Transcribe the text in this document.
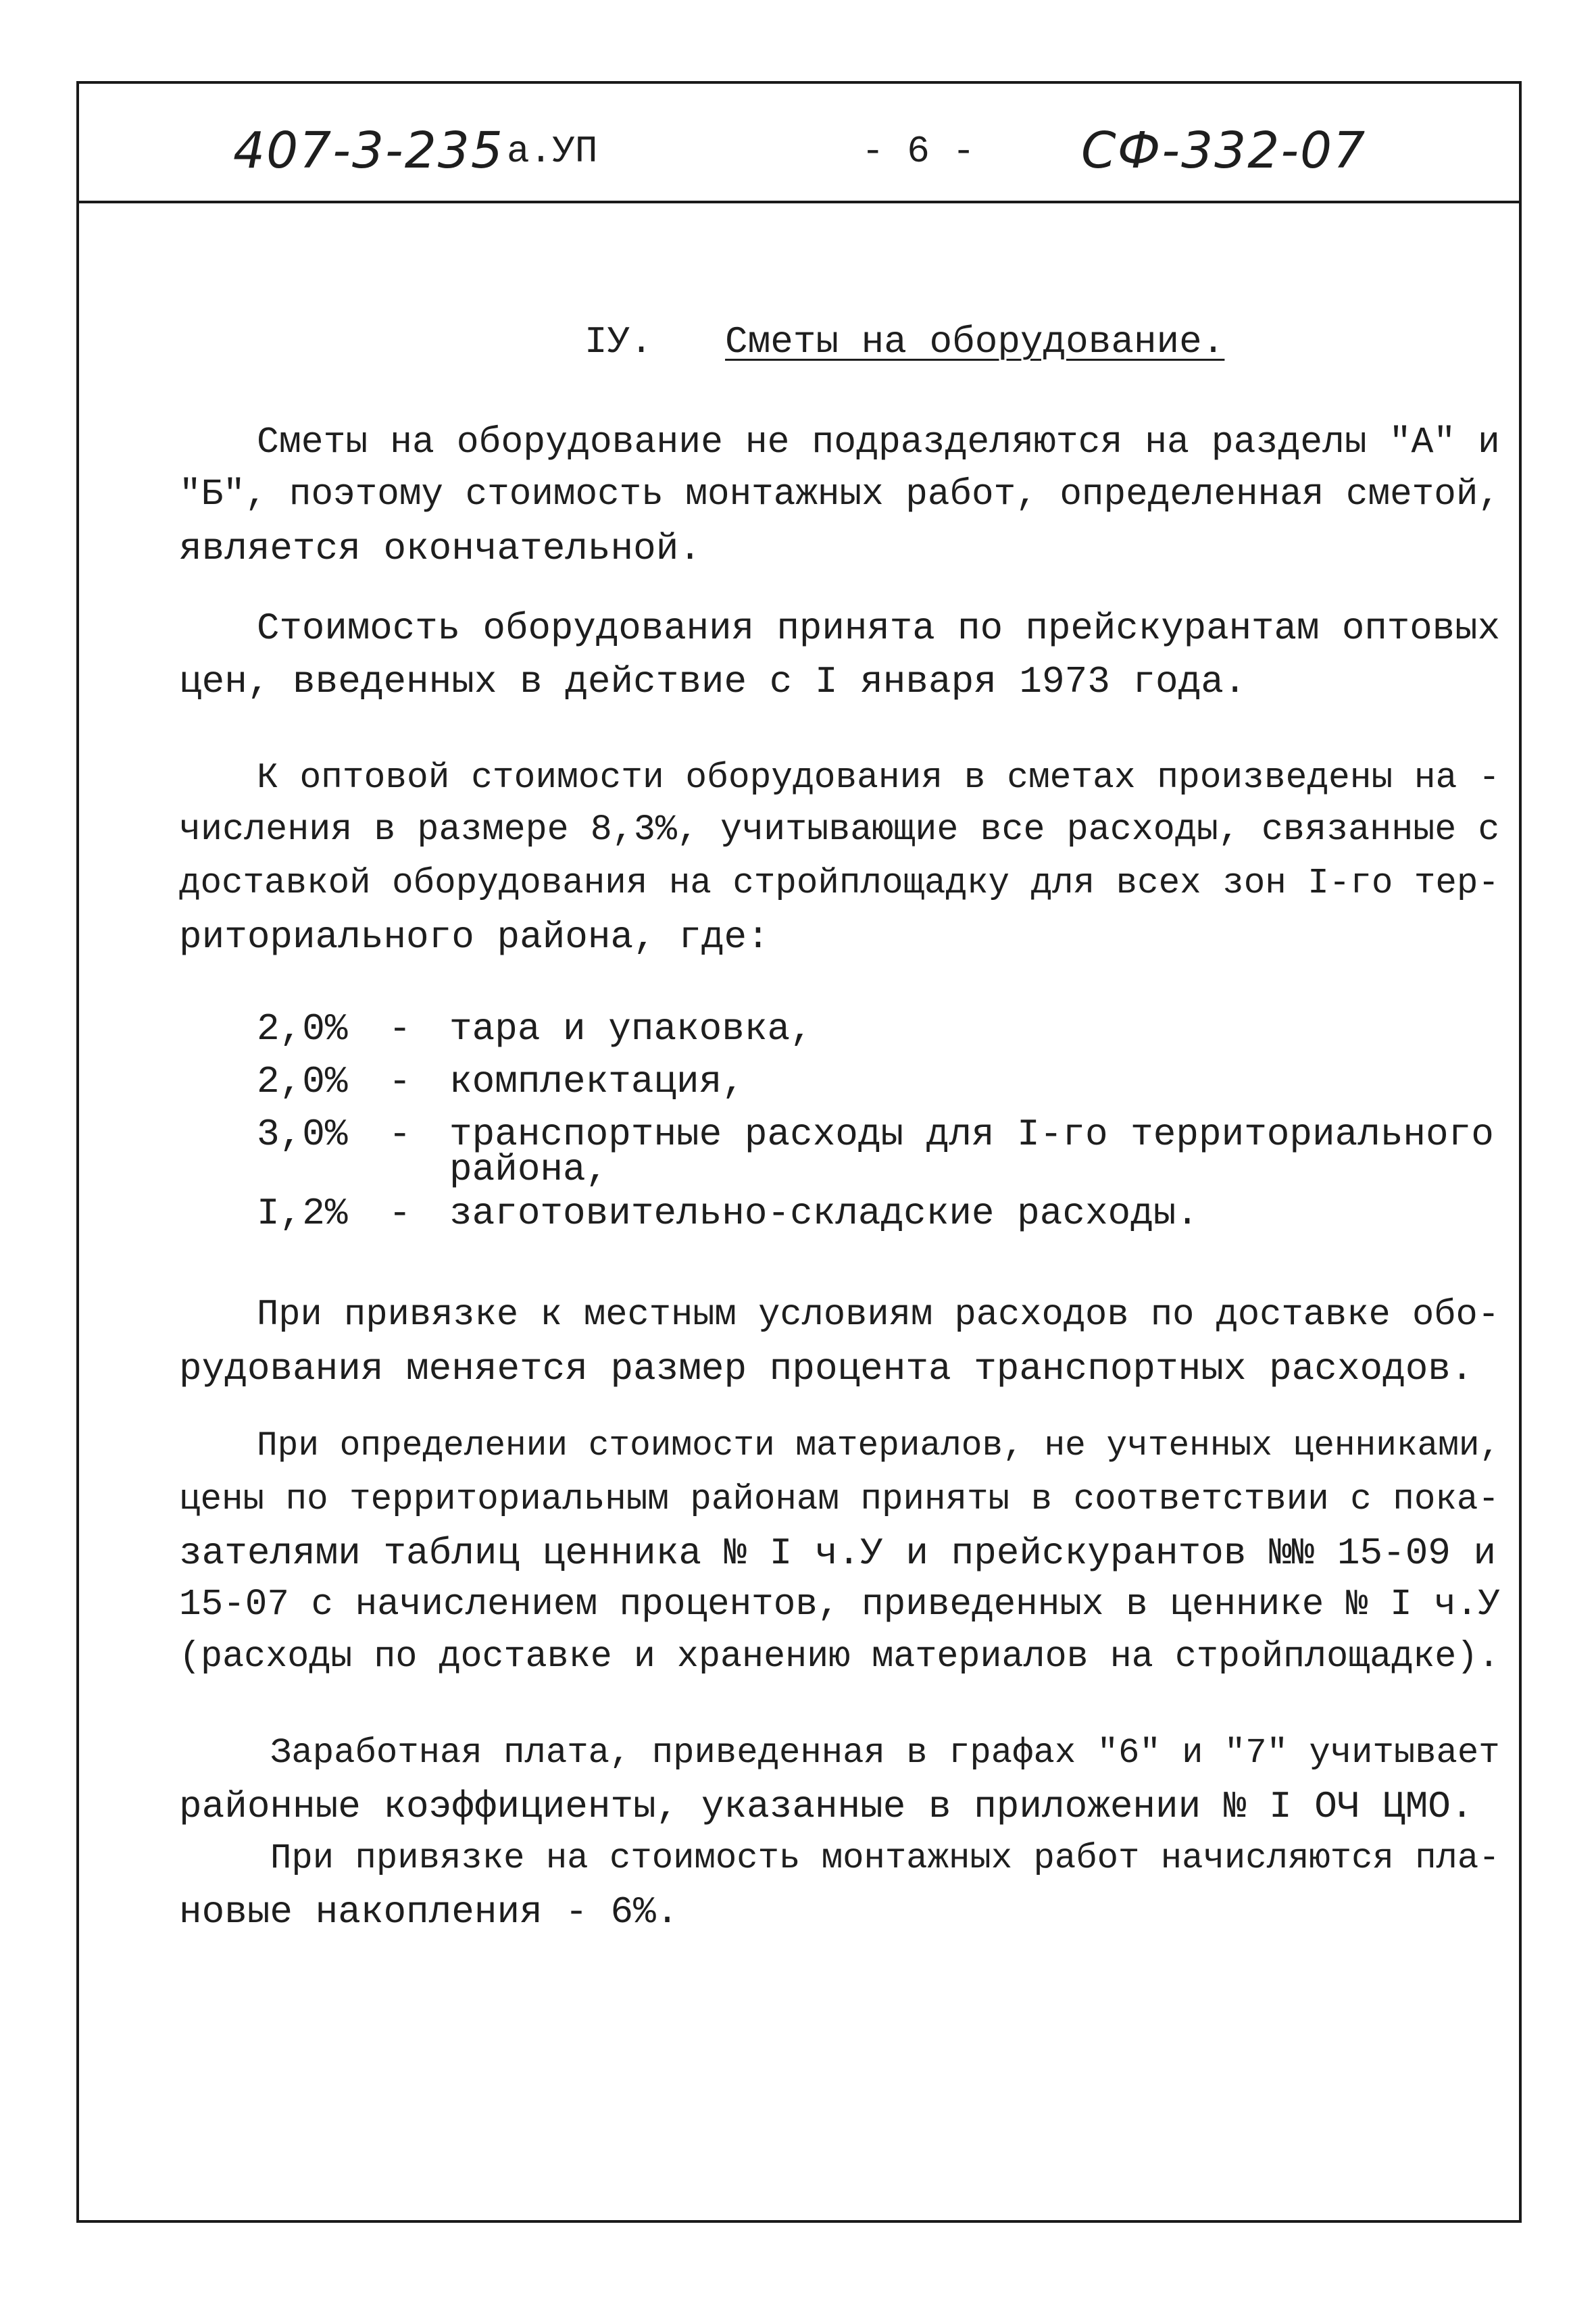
407-3-235 а.УП	- 6 - СФ-332-07
IУ. Сметы на оборудование.
Сметы на оборудование не подразделяются на разделы "А" и
"Б", поэтому стоимость монтажных работ, определенная сметой,
является окончательной.
Стоимость оборудования принята по прейскурантам оптовых
цен, введенных в действие с I января 1973 года.
К оптовой стоимости оборудования в сметах произведены на -
числения в размере 8,3%, учитывающие все расходы, связанные с
доставкой оборудования на стройплощадку для всех зон I-го тер-
риториального района, где:
2,0% - тара и упаковка,
2,0% - комплектация,
3,0% - транспортные расходы для I-го территориального
района,
I,2% - заготовительно-складские расходы.
При привязке к местным условиям расходов по доставке обо-
рудования меняется размер процента транспортных расходов.
При определении стоимости материалов, не учтенных ценниками,
цены по территориальным районам приняты в соответствии с пока-
зателями таблиц ценника № I ч.У и прейскурантов №№ 15-09 и
15-07 с начислением процентов, приведенных в ценнике № I ч.У
(расходы по доставке и хранению материалов на стройплощадке).
Заработная плата, приведенная в графах "6" и "7" учитывает
районные коэффициенты, указанные в приложении № I ОЧ ЦМО.
При привязке на стоимость монтажных работ начисляются пла-
новые накопления - 6%.
